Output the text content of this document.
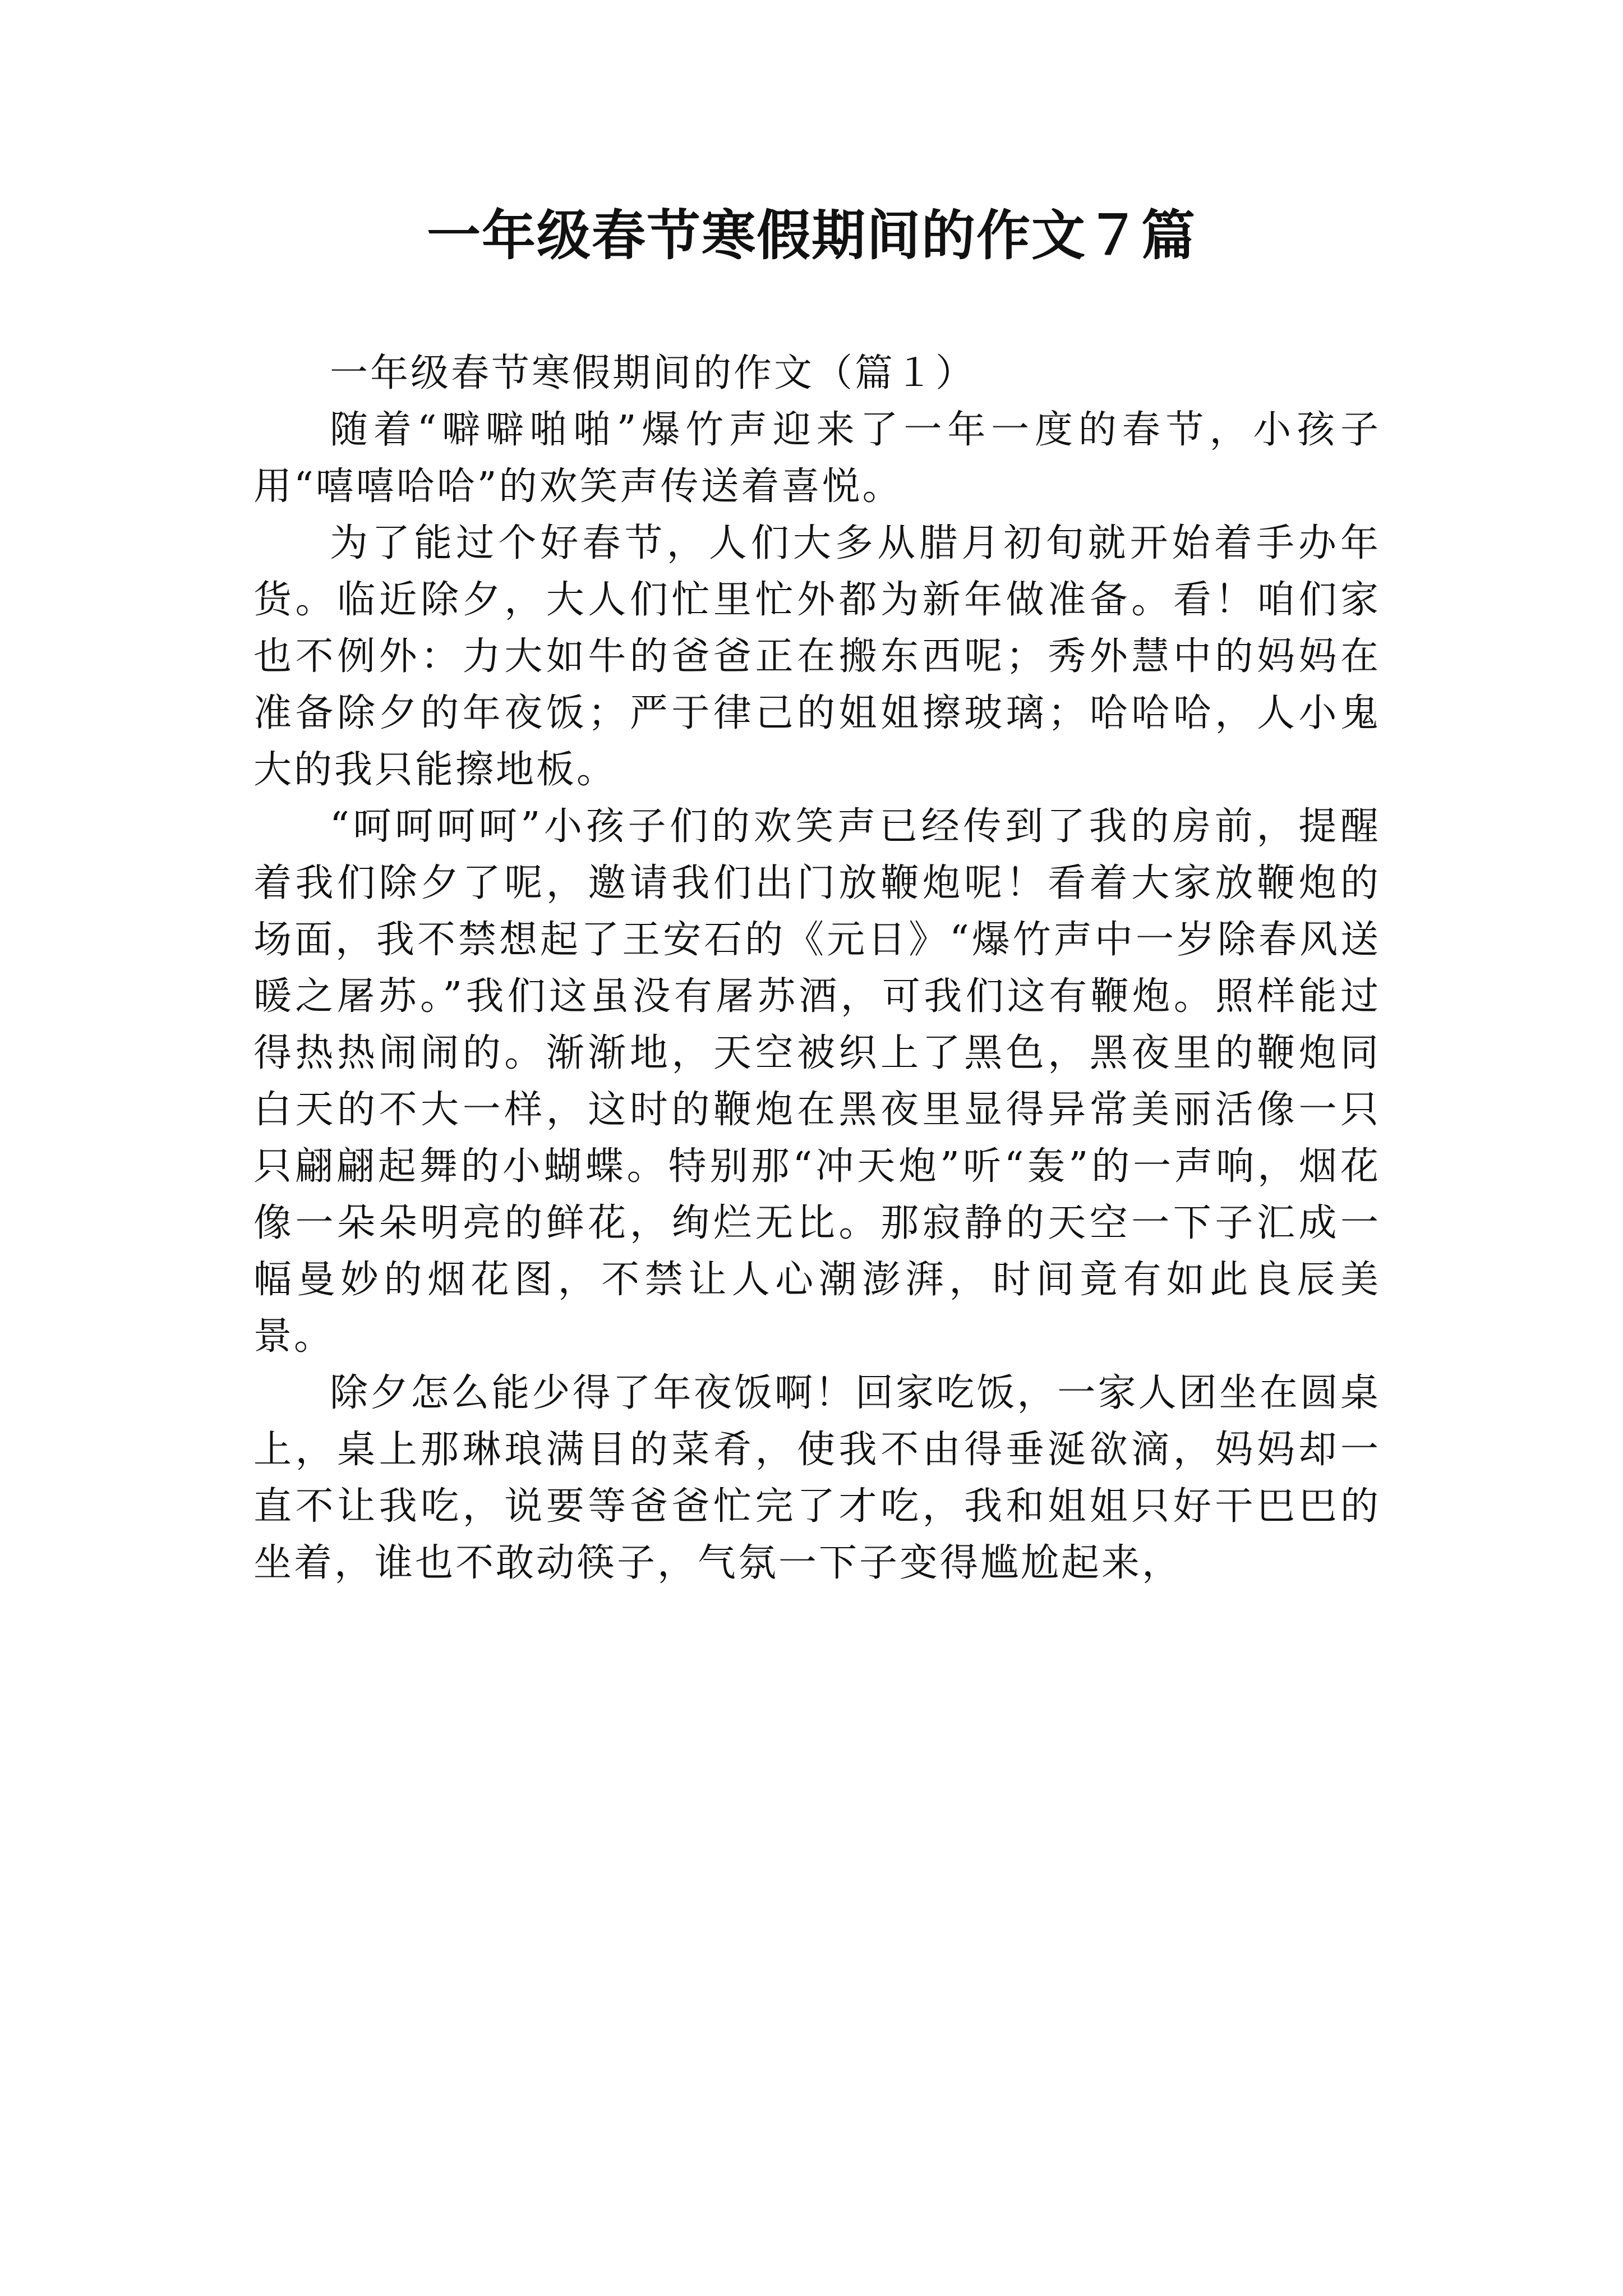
一年级春节寒假期间的作文７篇

一年级春节寒假期间的作文（篇１）

随着“噼噼啪啪”爆竹声迎来了一年一度的春节，小孩子用“嘻嘻哈哈”的欢笑声传送着喜悦。

为了能过个好春节，人们大多从腊月初旬就开始着手办年货。临近除夕，大人们忙里忙外都为新年做准备。看！咱们家也不例外：力大如牛的爸爸正在搬东西呢；秀外慧中的妈妈在准备除夕的年夜饭；严于律己的姐姐擦玻璃；哈哈哈，人小鬼大的我只能擦地板。

“呵呵呵呵”小孩子们的欢笑声已经传到了我的房前，提醒着我们除夕了呢，邀请我们出门放鞭炮呢！看着大家放鞭炮的场面，我不禁想起了王安石的《元日》“爆竹声中一岁除春风送暖之屠苏。”我们这虽没有屠苏酒，可我们这有鞭炮。照样能过得热热闹闹的。渐渐地，天空被织上了黑色，黑夜里的鞭炮同白天的不大一样，这时的鞭炮在黑夜里显得异常美丽活像一只只翩翩起舞的小蝴蝶。特别那“冲天炮”听“轰”的一声响，烟花像一朵朵明亮的鲜花，绚烂无比。那寂静的天空一下子汇成一幅曼妙的烟花图，不禁让人心潮澎湃，时间竟有如此良辰美景。

除夕怎么能少得了年夜饭啊！回家吃饭，一家人团坐在圆桌上，桌上那琳琅满目的菜肴，使我不由得垂涎欲滴，妈妈却一直不让我吃，说要等爸爸忙完了才吃，我和姐姐只好干巴巴的坐着，谁也不敢动筷子，气氛一下子变得尴尬起来，
